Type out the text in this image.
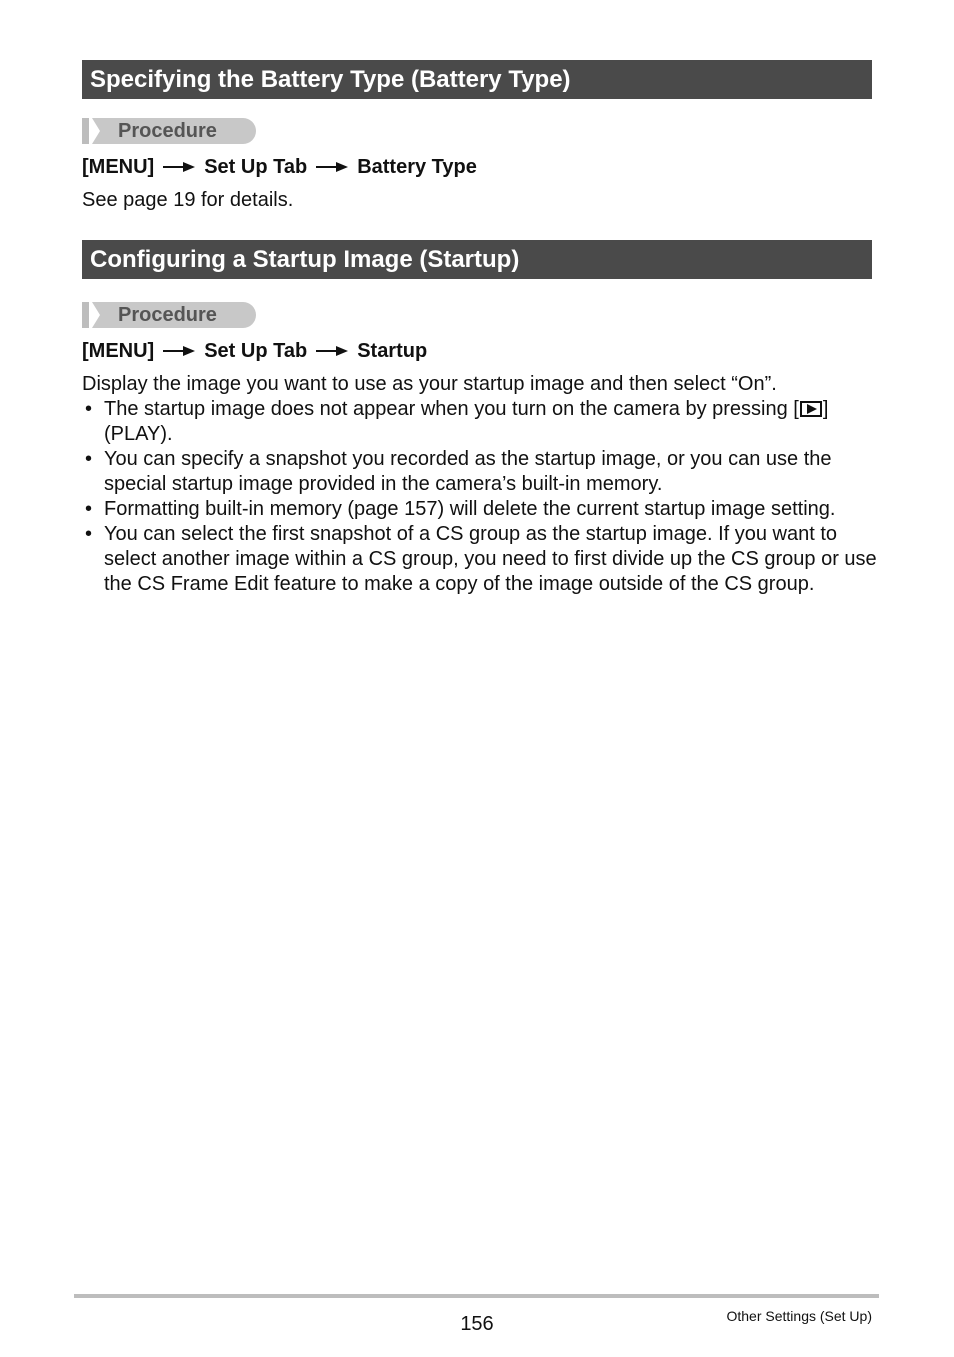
Specifying the Battery Type (Battery Type)
Procedure
[MENU]	Set Up Tab	Battery Type
See page 19 for details.
Configuring a Startup Image (Startup)
Procedure
[MENU]	Set Up Tab	Startup
Display the image you want to use as your startup image and then select “On”.
• The startup image does not appear when you turn on the camera by pressing [ ] (PLAY).
• You can specify a snapshot you recorded as the startup image, or you can use the special startup image provided in the camera’s built-in memory.
• Formatting built-in memory (page 157) will delete the current startup image setting.
• You can select the first snapshot of a CS group as the startup image. If you want to select another image within a CS group, you need to first divide up the CS group or use the CS Frame Edit feature to make a copy of the image outside of the CS group.
156	Other Settings (Set Up)
